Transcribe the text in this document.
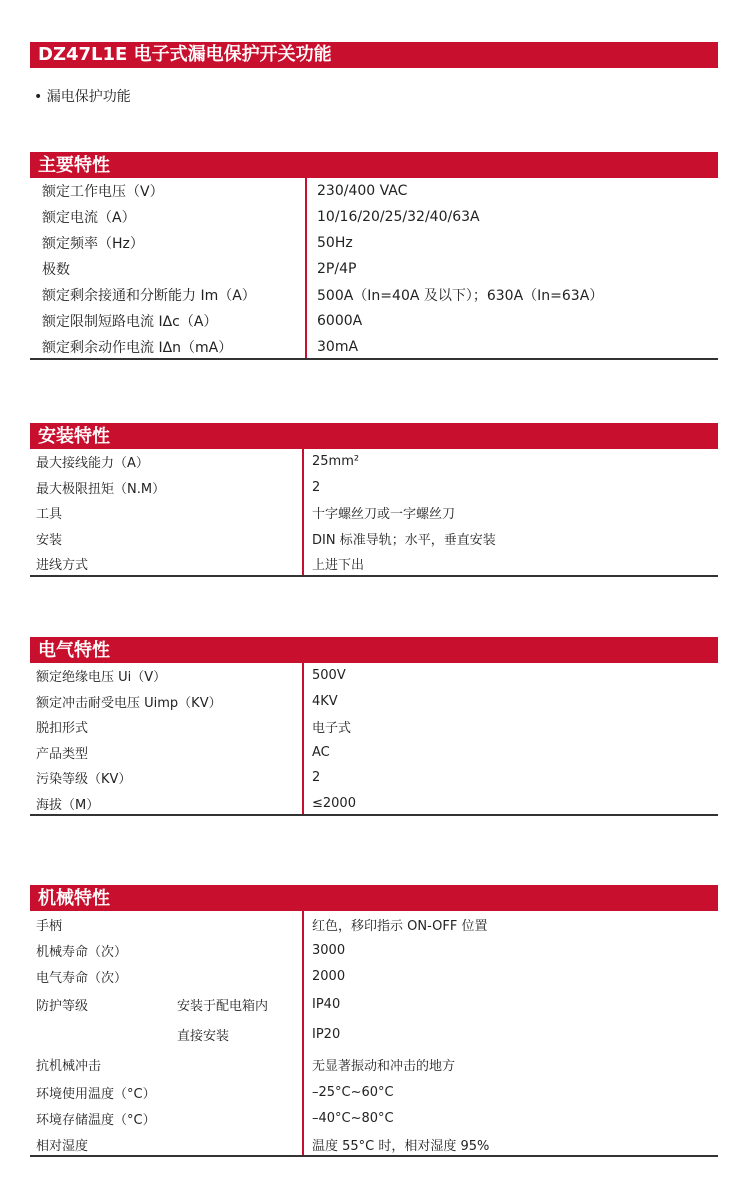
DZ47L1E 电子式漏电保护开关功能
• 漏电保护功能
主要特性
额定工作电压（V）	230/400 VAC
额定电流（A）	10/16/20/25/32/40/63A
额定频率（Hz）	50Hz
极数	2P/4P
额定剩余接通和分断能力 Im（A）	500A（In=40A 及以下）；630A（In=63A）
额定限制短路电流 IΔc（A）	6000A
额定剩余动作电流 IΔn（mA）	30mA
安装特性
最大接线能力（A）	25mm²
最大极限扭矩（N.M）	2
工具	十字螺丝刀或一字螺丝刀
安装	DIN 标准导轨；水平，垂直安装
进线方式	上进下出
电气特性
额定绝缘电压 Ui（V）	500V
额定冲击耐受电压 Uimp（KV）	4KV
脱扣形式	电子式
产品类型	AC
污染等级（KV）	2
海拔（M）	≤2000
机械特性
手柄	红色，移印指示 ON-OFF 位置
机械寿命（次）	3000
电气寿命（次）	2000
防护等级	安装于配电箱内	IP40
直接安装	IP20
抗机械冲击	无显著振动和冲击的地方
环境使用温度（°C）	–25°C~60°C
环境存储温度（°C）	–40°C~80°C
相对湿度	温度 55°C 时，相对湿度 95%
